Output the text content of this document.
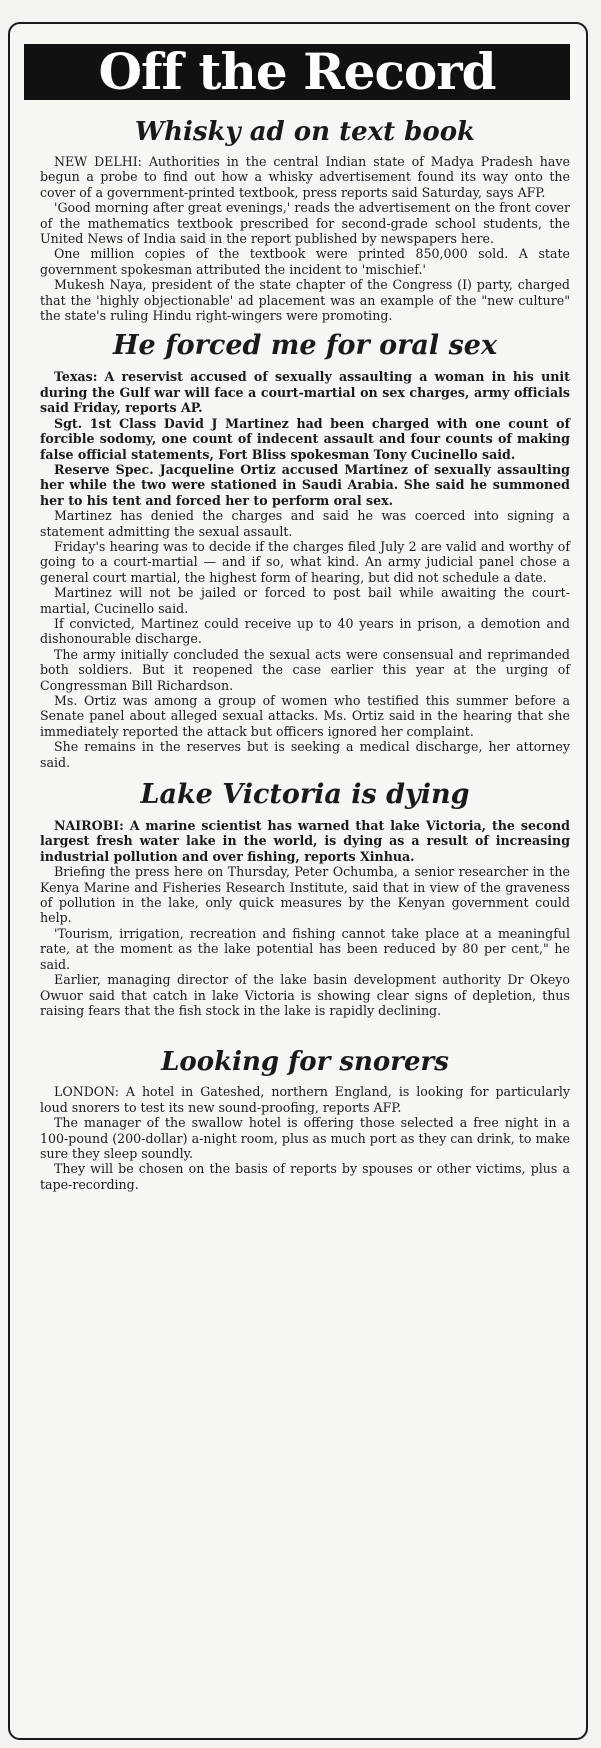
Off the Record
Whisky ad on text book

NEW DELHI: Authorities in the central Indian state of Madya Pradesh have begun a probe to find out how a whisky advertisement found its way onto the cover of a government-printed textbook, press reports said Saturday, says AFP.

'Good morning after great evenings,' reads the advertisement on the front cover of the mathematics textbook prescribed for second-grade school students, the United News of India said in the report published by newspapers here.

One million copies of the textbook were printed 850,000 sold. A state government spokesman attributed the incident to 'mischief.'

Mukesh Naya, president of the state chapter of the Congress (I) party, charged that the 'highly objectionable' ad placement was an example of the "new culture" the state's ruling Hindu right-wingers were promoting.

He forced me for oral sex

Texas: A reservist accused of sexually assaulting a woman in his unit during the Gulf war will face a court-martial on sex charges, army officials said Friday, reports AP.

Sgt. 1st Class David J Martinez had been charged with one count of forcible sodomy, one count of indecent assault and four counts of making false official statements, Fort Bliss spokesman Tony Cucinello said.

Reserve Spec. Jacqueline Ortiz accused Martinez of sexually assaulting her while the two were stationed in Saudi Arabia. She said he summoned her to his tent and forced her to perform oral sex.

Martinez has denied the charges and said he was coerced into signing a statement admitting the sexual assault.

Friday's hearing was to decide if the charges filed July 2 are valid and worthy of going to a court-martial — and if so, what kind. An army judicial panel chose a general court martial, the highest form of hearing, but did not schedule a date.

Martinez will not be jailed or forced to post bail while awaiting the court-martial, Cucinello said.

If convicted, Martinez could receive up to 40 years in prison, a demotion and dishonourable discharge.

The army initially concluded the sexual acts were consensual and reprimanded both soldiers. But it reopened the case earlier this year at the urging of Congressman Bill Richardson.

Ms. Ortiz was among a group of women who testified this summer before a Senate panel about alleged sexual attacks. Ms. Ortiz said in the hearing that she immediately reported the attack but officers ignored her complaint.

She remains in the reserves but is seeking a medical discharge, her attorney said.

Lake Victoria is dying

NAIROBI: A marine scientist has warned that lake Victoria, the second largest fresh water lake in the world, is dying as a result of increasing industrial pollution and over fishing, reports Xinhua.

Briefing the press here on Thursday, Peter Ochumba, a senior researcher in the Kenya Marine and Fisheries Research Institute, said that in view of the graveness of pollution in the lake, only quick measures by the Kenyan government could help.

'Tourism, irrigation, recreation and fishing cannot take place at a meaningful rate, at the moment as the lake potential has been reduced by 80 per cent," he said.

Earlier, managing director of the lake basin development authority Dr Okeyo Owuor said that catch in lake Victoria is showing clear signs of depletion, thus raising fears that the fish stock in the lake is rapidly declining.

Looking for snorers

LONDON: A hotel in Gateshed, northern England, is looking for particularly loud snorers to test its new sound-proofing, reports AFP.

The manager of the swallow hotel is offering those selected a free night in a 100-pound (200-dollar) a-night room, plus as much port as they can drink, to make sure they sleep soundly.

They will be chosen on the basis of reports by spouses or other victims, plus a tape-recording.
